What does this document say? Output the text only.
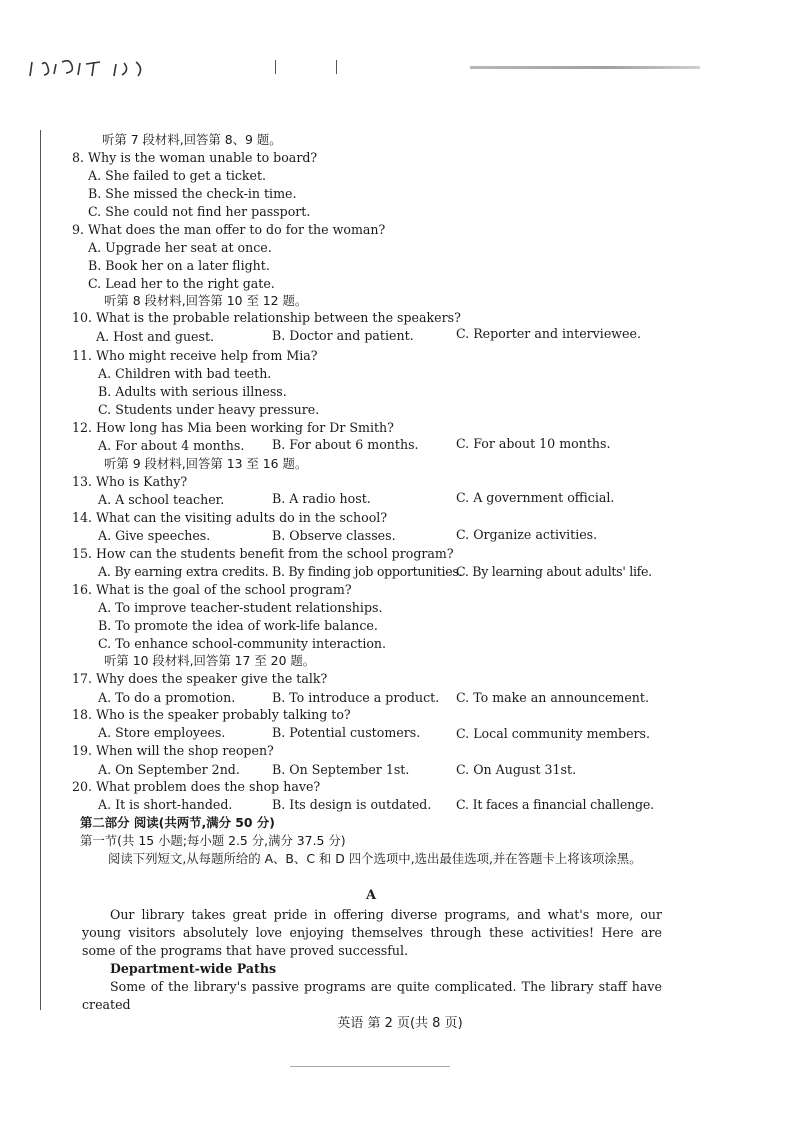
听第 7 段材料,回答第 8、9 题。
8. Why is the woman unable to board?
A. She failed to get a ticket.
B. She missed the check-in time.
C. She could not find her passport.
9. What does the man offer to do for the woman?
A. Upgrade her seat at once.
B. Book her on a later flight.
C. Lead her to the right gate.
听第 8 段材料,回答第 10 至 12 题。
10. What is the probable relationship between the speakers?
A. Host and guest.	B. Doctor and patient.	C. Reporter and interviewee.
11. Who might receive help from Mia?
A. Children with bad teeth.
B. Adults with serious illness.
C. Students under heavy pressure.
12. How long has Mia been working for Dr Smith?
A. For about 4 months. B. For about 6 months.	C. For about 10 months.
听第 9 段材料,回答第 13 至 16 题。
13. Who is Kathy?
A. A school teacher.	B. A radio host.	C. A government official.
14. What can the visiting adults do in the school?
A. Give speeches.	B. Observe classes.	C. Organize activities.
15. How can the students benefit from the school program?
A. By earning extra credits. B. By finding job opportunities.
C. By learning about adults' life.
16. What is the goal of the school program?
A. To improve teacher-student relationships.
B. To promote the idea of work-life balance.
C. To enhance school-community interaction.
听第 10 段材料,回答第 17 至 20 题。
17. Why does the speaker give the talk?
A. To do a promotion.	B. To introduce a product. C. To make an announcement.
18. Who is the speaker probably talking to?
A. Store employees.	B. Potential customers.	C. Local community members.
19. When will the shop reopen?
A. On September 2nd.	B. On September 1st.	C. On August 31st.
20. What problem does the shop have?
A. It is short-handed.	B. Its design is outdated. C. It faces a financial challenge.
第二部分 阅读(共两节,满分 50 分)
第一节(共 15 小题;每小题 2.5 分,满分 37.5 分)
阅读下列短文,从每题所给的 A、B、C 和 D 四个选项中,选出最佳选项,并在答题卡上将该项涂黑。
A

Our library takes great pride in offering diverse programs, and what's more, our young visitors absolutely love enjoying themselves through these activities! Here are some of the programs that have proved successful.

Department-wide Paths

Some of the library's passive programs are quite complicated. The library staff have created

英语 第 2 页(共 8 页)
